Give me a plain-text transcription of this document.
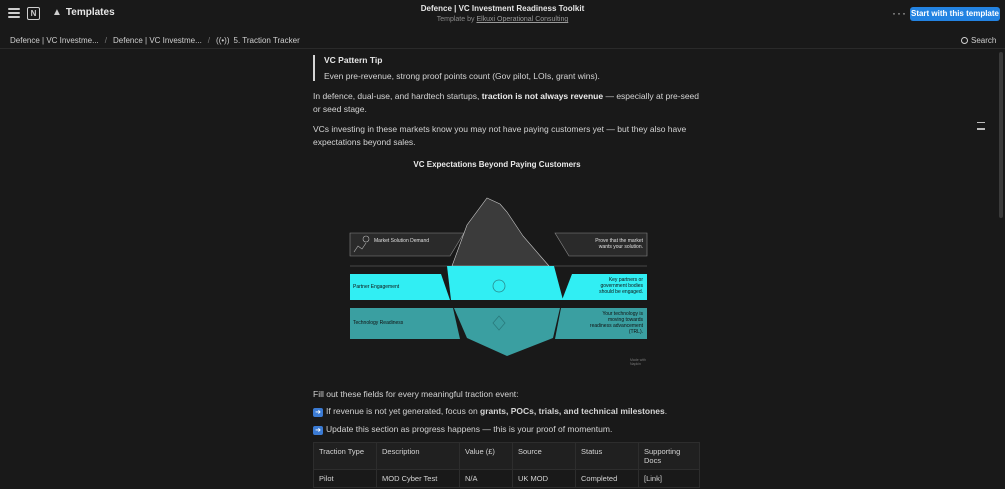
N	▲ Templates	Defence | VC Investment Readiness Toolkit
Template by Elkuxi Operational Consulting	··· Start with this template
Defence | VC Investme... / Defence | VC Investme... / ((•)) 5. Traction Tracker	Search
VC Pattern Tip
Even pre-revenue, strong proof points count (Gov pilot, LOIs, grant wins).
In defence, dual-use, and hardtech startups, traction is not always revenue — especially at pre-seed or seed stage.
VCs investing in these markets know you may not have paying customers yet — but they also have expectations beyond sales.
VC Expectations Beyond Paying Customers
Market Solution Demand	Prove that the market
wants your solution.
Partner Engagement
Key partners or
government bodies
should be engaged.
Technology Readiness
Your technology is
moving towards
readiness advancement
(TRL).
Made with Napkin
Fill out these fields for every meaningful traction event:
➜ If revenue is not yet generated, focus on grants, POCs, trials, and technical milestones.
➜ Update this section as progress happens — this is your proof of momentum.
Traction Type	Description	Value (£)	Source	Status	Supporting Docs
Pilot	MOD Cyber Test	N/A	UK MOD	Completed	[Link]
